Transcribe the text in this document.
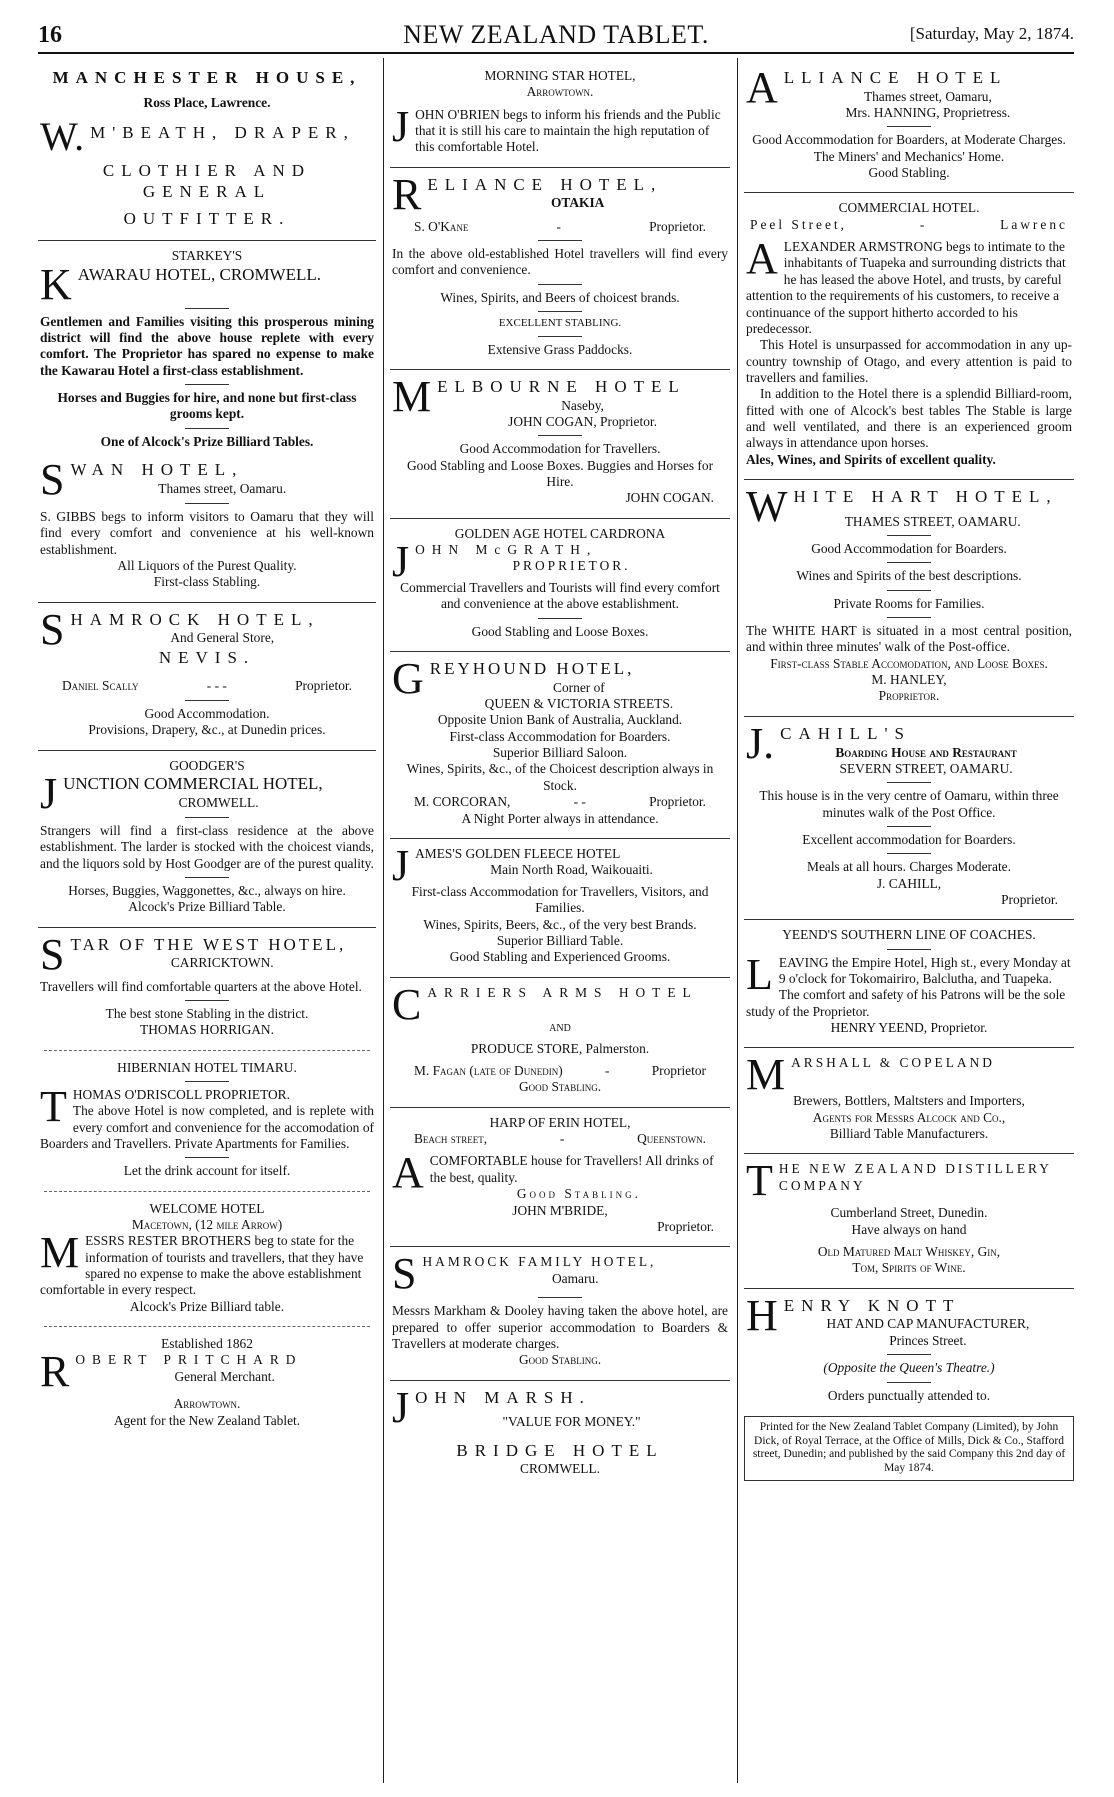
16	NEW ZEALAND TABLET.	[Saturday, May 2, 1874.
MANCHESTER HOUSE,
Ross Place, Lawrence.
W. M'BEATH, DRAPER,
CLOTHIER AND GENERAL
OUTFITTER.
STARKEY'S
KAWARAU HOTEL, CROMWELL.
Gentlemen and Families visiting this prosperous mining district will find the above house replete with every comfort. The Proprietor has spared no expense to make the Kawarau Hotel a first-class establishment.
Horses and Buggies for hire, and none but first-class grooms kept.
One of Alcock's Prize Billiard Tables.
SWAN HOTEL,
Thames street, Oamaru.
S. GIBBS begs to inform visitors to Oamaru that they will find every comfort and convenience at his well-known establishment.
All Liquors of the Purest Quality.
First-class Stabling.
SHAMROCK HOTEL,
And General Store,
NEVIS.
Daniel Scally	- - -	Proprietor.
Good Accommodation.
Provisions, Drapery, &c., at Dunedin prices.
GOODGER'S
JUNCTION COMMERCIAL HOTEL,
CROMWELL.
Strangers will find a first-class residence at the above establishment. The larder is stocked with the choicest viands, and the liquors sold by Host Goodger are of the purest quality.
Horses, Buggies, Waggonettes, &c., always on hire.
Alcock's Prize Billiard Table.
STAR OF THE WEST HOTEL,
CARRICKTOWN.
Travellers will find comfortable quarters at the above Hotel.
The best stone Stabling in the district.
THOMAS HORRIGAN.
HIBERNIAN HOTEL TIMARU.
THOMAS O'DRISCOLL PROPRIETOR.
The above Hotel is now completed, and is replete with every comfort and convenience for the accomodation of Boarders and Travellers. Private Apartments for Families.
Let the drink account for itself.
WELCOME HOTEL
Macetown, (12 mile Arrow)
MESSRS RESTER BROTHERS beg to state for the information of tourists and travellers, that they have spared no expense to make the above establishment comfortable in every respect.
Alcock's Prize Billiard table.
Established 1862
ROBERT PRITCHARD
General Merchant.
Arrowtown.
Agent for the New Zealand Tablet.
MORNING STAR HOTEL,
Arrowtown.
JOHN O'BRIEN begs to inform his friends and the Public that it is still his care to maintain the high reputation of this comfortable Hotel.
RELIANCE HOTEL,
OTAKIA
S. O'Kane	-	Proprietor.
In the above old-established Hotel travellers will find every comfort and convenience.
Wines, Spirits, and Beers of choicest brands.
EXCELLENT STABLING.
Extensive Grass Paddocks.
MELBOURNE HOTEL
Naseby,
JOHN COGAN, Proprietor.
Good Accommodation for Travellers.
Good Stabling and Loose Boxes. Buggies and Horses for Hire.
JOHN COGAN.
GOLDEN AGE HOTEL CARDRONA
JOHN McGRATH,
PROPRIETOR.
Commercial Travellers and Tourists will find every comfort and convenience at the above establishment.
Good Stabling and Loose Boxes.
GREYHOUND HOTEL,
Corner of
QUEEN & VICTORIA STREETS.
Opposite Union Bank of Australia, Auckland.
First-class Accommodation for Boarders.
Superior Billiard Saloon.
Wines, Spirits, &c., of the Choicest description always in Stock.
M. CORCORAN,	- -	Proprietor.
A Night Porter always in attendance.
JAMES'S GOLDEN FLEECE HOTEL
Main North Road, Waikouaiti.
First-class Accommodation for Travellers, Visitors, and Families.
Wines, Spirits, Beers, &c., of the very best Brands.
Superior Billiard Table.
Good Stabling and Experienced Grooms.
CARRIERS ARMS HOTEL
AND
PRODUCE STORE, Palmerston.
M. Fagan (late of Dunedin)	-	Proprietor
Good Stabling.
HARP OF ERIN HOTEL,
Beach street,	-	Queenstown.
ACOMFORTABLE house for Travellers! All drinks of the best, quality.
Good Stabling.
JOHN M'BRIDE,
Proprietor.
SHAMROCK FAMILY HOTEL,
Oamaru.
Messrs Markham & Dooley having taken the above hotel, are prepared to offer superior accommodation to Boarders & Travellers at moderate charges.
Good Stabling.
JOHN MARSH.
"VALUE FOR MONEY."
BRIDGE HOTEL
CROMWELL.
ALLIANCE HOTEL
Thames street, Oamaru,
Mrs. HANNING, Proprietress.
Good Accommodation for Boarders, at Moderate Charges.
The Miners' and Mechanics' Home.
Good Stabling.
COMMERCIAL HOTEL.
Peel Street,	-	Lawrenc
ALEXANDER ARMSTRONG begs to intimate to the inhabitants of Tuapeka and surrounding districts that he has leased the above Hotel, and trusts, by careful attention to the requirements of his customers, to receive a continuance of the support hitherto accorded to his predecessor.
This Hotel is unsurpassed for accommodation in any up-country township of Otago, and every attention is paid to travellers and families.
In addition to the Hotel there is a splendid Billiard-room, fitted with one of Alcock's best tables The Stable is large and well ventilated, and there is an experienced groom always in attendance upon horses.
Ales, Wines, and Spirits of excellent quality.
WHITE HART HOTEL,
THAMES STREET, OAMARU.
Good Accommodation for Boarders.
Wines and Spirits of the best descriptions.
Private Rooms for Families.
The WHITE HART is situated in a most central position, and within three minutes' walk of the Post-office.
First-class Stable Accomodation, and Loose Boxes.
M. HANLEY,
Proprietor.
J. CAHILL'S
Boarding House and Restaurant
SEVERN STREET, OAMARU.
This house is in the very centre of Oamaru, within three minutes walk of the Post Office.
Excellent accommodation for Boarders.
Meals at all hours. Charges Moderate.
J. CAHILL,
Proprietor.
YEEND'S SOUTHERN LINE OF COACHES.
LEAVING the Empire Hotel, High st., every Monday at 9 o'clock for Tokomairiro, Balclutha, and Tuapeka. The comfort and safety of his Patrons will be the sole study of the Proprietor.
HENRY YEEND, Proprietor.
MARSHALL & COPELAND
Brewers, Bottlers, Maltsters and Importers,
Agents for Messrs Alcock and Co.,
Billiard Table Manufacturers.
THE NEW ZEALAND DISTILLERY COMPANY
Cumberland Street, Dunedin.
Have always on hand
Old Matured Malt Whiskey, Gin,
Tom, Spirits of Wine.
HENRY KNOTT
HAT AND CAP MANUFACTURER,
Princes Street.
(Opposite the Queen's Theatre.)
Orders punctually attended to.
Printed for the New Zealand Tablet Company (Limited), by John Dick, of Royal Terrace, at the Office of Mills, Dick & Co., Stafford street, Dunedin; and published by the said Company this 2nd day of May 1874.
